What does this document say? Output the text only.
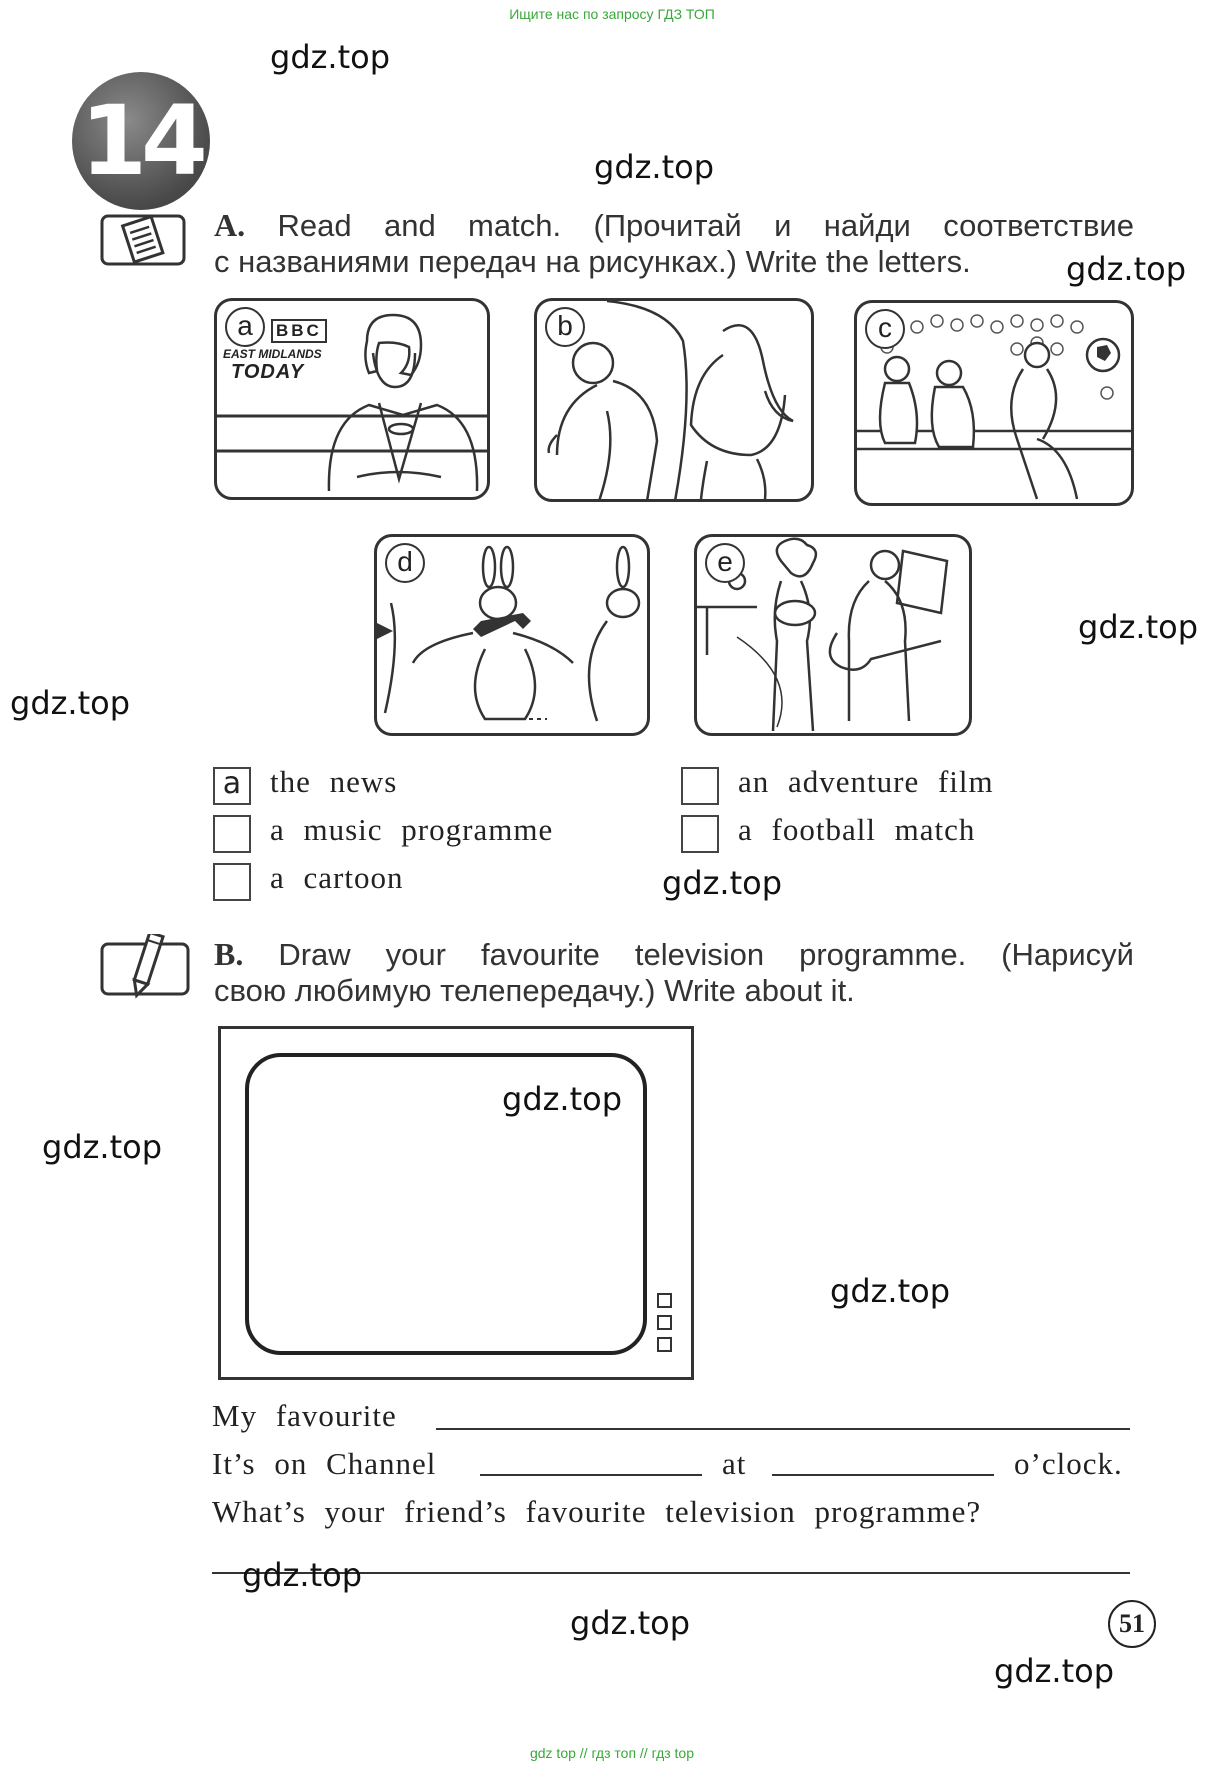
Ищите нас по запросу ГДЗ ТОП
14
A. Read and match. (Прочитай и найди соответствие
с названиями передач на рисунках.) Write the letters.
BBC
EAST MIDLANDS
TODAY
a	b	c
d	e
a the news
a music programme
a cartoon
an adventure film
a football match
B. Draw your favourite television programme. (Нарисуй
свою любимую телепередачу.) Write about it.
My favourite
It’s on Channel	at	o’clock.
What’s your friend’s favourite television programme?
51
gdz.top
gdz.top
gdz.top
gdz.top
gdz.top
gdz.top
gdz.top
gdz.top
gdz.top
gdz.top
gdz.top
gdz.top
gdz top // гдз топ // гдз top
